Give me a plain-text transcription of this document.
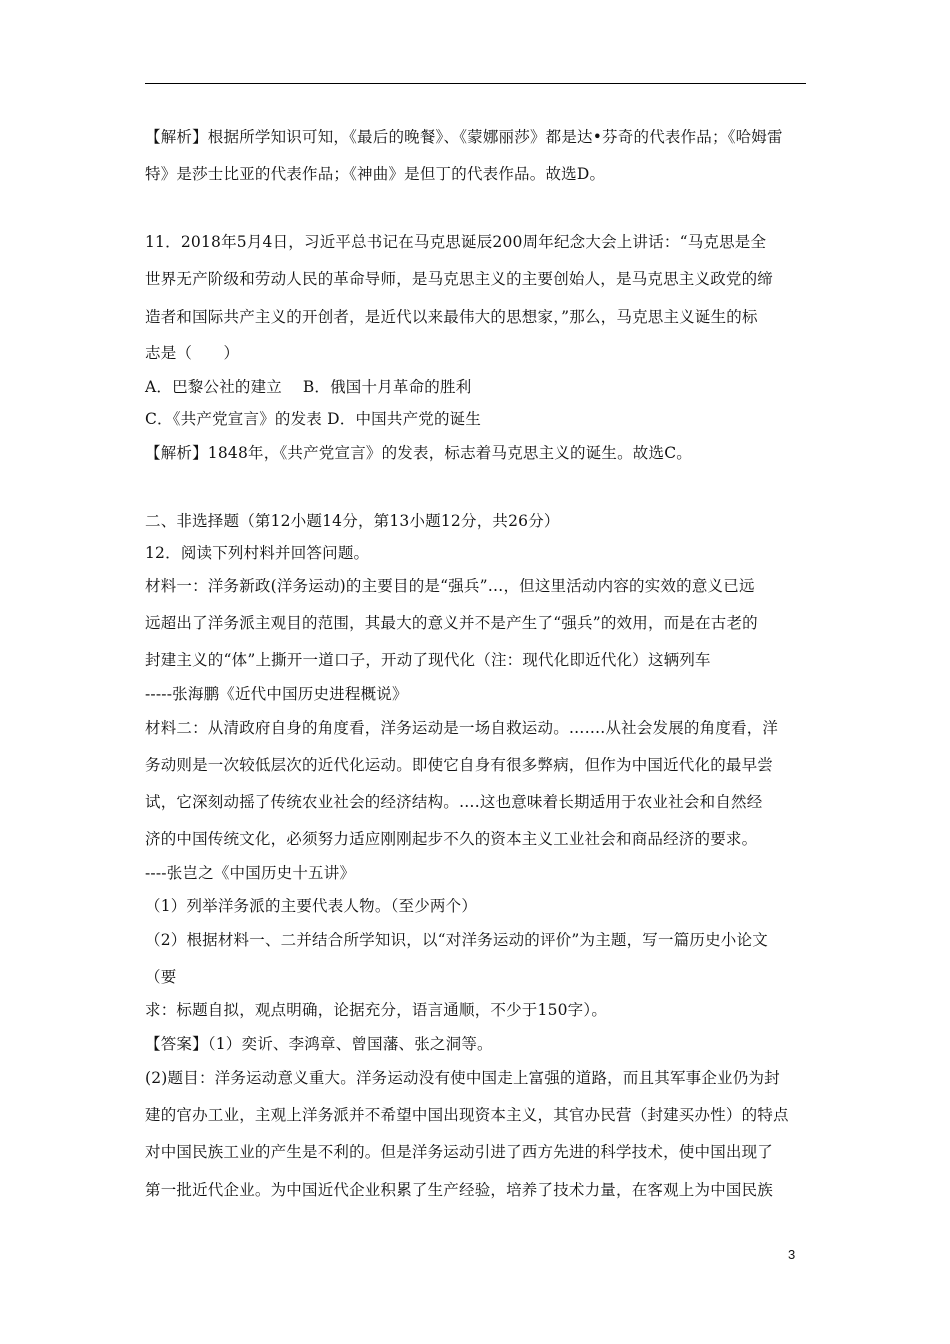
【解析】根据所学知识可知，《最后的晚餐》、《蒙娜丽莎》都是达•芬奇的代表作品；《哈姆雷
特》是莎士比亚的代表作品；《神曲》是但丁的代表作品。故选D。
11．2018年5月4日，习近平总书记在马克思诞辰200周年纪念大会上讲话：“马克思是全
世界无产阶级和劳动人民的革命导师，是马克思主义的主要创始人，是马克思主义政党的缔
造者和国际共产主义的开创者，是近代以来最伟大的思想家，”那么，马克思主义诞生的标
志是（　　）
A．巴黎公社的建立　 B．俄国十月革命的胜利
C．《共产党宣言》的发表 D．中国共产党的诞生
【解析】1848年，《共产党宣言》的发表，标志着马克思主义的诞生。故选C。
二、非选择题（第12小题14分，第13小题12分，共26分）
12．阅读下列村料并回答问题。
材料一：洋务新政(洋务运动)的主要目的是“强兵”…，但这里活动内容的实效的意义已远
远超出了洋务派主观目的范围，其最大的意义并不是产生了“强兵”的效用，而是在古老的
封建主义的“体”上撕开一道口子，开动了现代化（注：现代化即近代化）这辆列车
-----张海鹏《近代中国历史进程概说》
材料二：从清政府自身的角度看，洋务运动是一场自救运动。…….从社会发展的角度看，洋
务动则是一次较低层次的近代化运动。即使它自身有很多弊病，但作为中国近代化的最早尝
试，它深刻动摇了传统农业社会的经济结构。….这也意味着长期适用于农业社会和自然经
济的中国传统文化，必须努力适应刚刚起步不久的资本主义工业社会和商品经济的要求。
----张岂之《中国历史十五讲》
（1）列举洋务派的主要代表人物。（至少两个）
（2）根据材料一、二并结合所学知识，以“对洋务运动的评价”为主题，写一篇历史小论文
（要
求：标题自拟，观点明确，论据充分，语言通顺，不少于150字）。
【答案】（1）奕䜣、李鸿章、曾国藩、张之洞等。
(2)题目：洋务运动意义重大。洋务运动没有使中国走上富强的道路，而且其军事企业仍为封
建的官办工业，主观上洋务派并不希望中国出现资本主义，其官办民营（封建买办性）的特点
对中国民族工业的产生是不利的。但是洋务运动引进了西方先进的科学技术，使中国出现了
第一批近代企业。为中国近代企业积累了生产经验，培养了技术力量，在客观上为中国民族
3
